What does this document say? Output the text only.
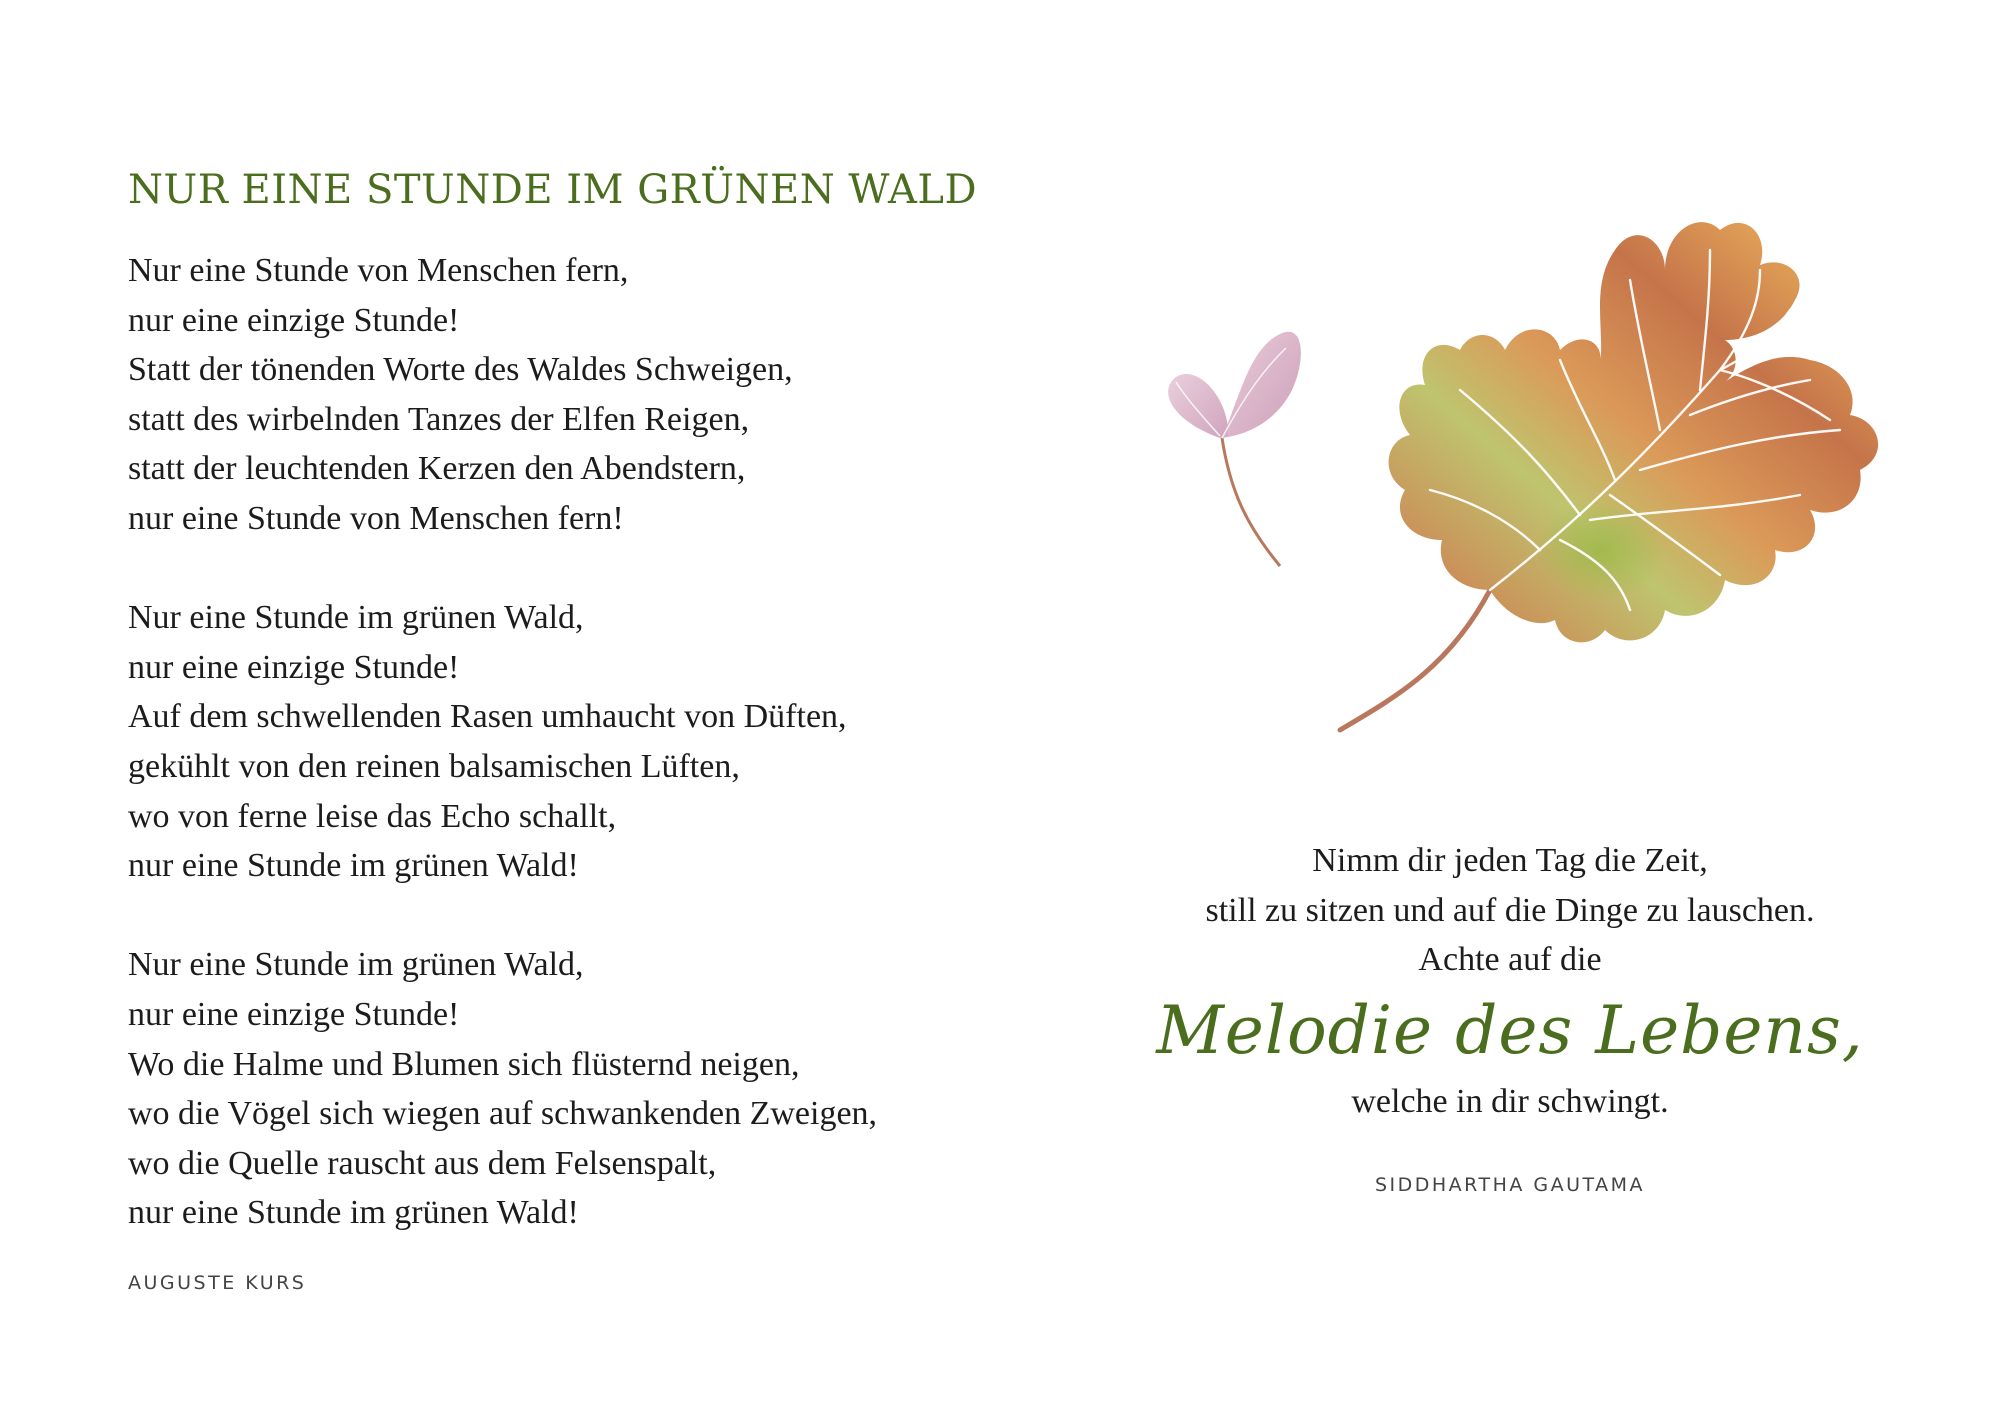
NUR EINE STUNDE IM GRÜNEN WALD
Nur eine Stunde von Menschen fern,
nur eine einzige Stunde!
Statt der tönenden Worte des Waldes Schweigen,
statt des wirbelnden Tanzes der Elfen Reigen,
statt der leuchtenden Kerzen den Abendstern,
nur eine Stunde von Menschen fern!
Nur eine Stunde im grünen Wald,
nur eine einzige Stunde!
Auf dem schwellenden Rasen umhaucht von Düften,
gekühlt von den reinen balsamischen Lüften,
wo von ferne leise das Echo schallt,
nur eine Stunde im grünen Wald!
Nur eine Stunde im grünen Wald,
nur eine einzige Stunde!
Wo die Halme und Blumen sich flüsternd neigen,
wo die Vögel sich wiegen auf schwankenden Zweigen,
wo die Quelle rauscht aus dem Felsenspalt,
nur eine Stunde im grünen Wald!
AUGUSTE KURS
Nimm dir jeden Tag die Zeit,
still zu sitzen und auf die Dinge zu lauschen.
Achte auf die
Melodie des Lebens,
welche in dir schwingt.
SIDDHARTHA GAUTAMA
